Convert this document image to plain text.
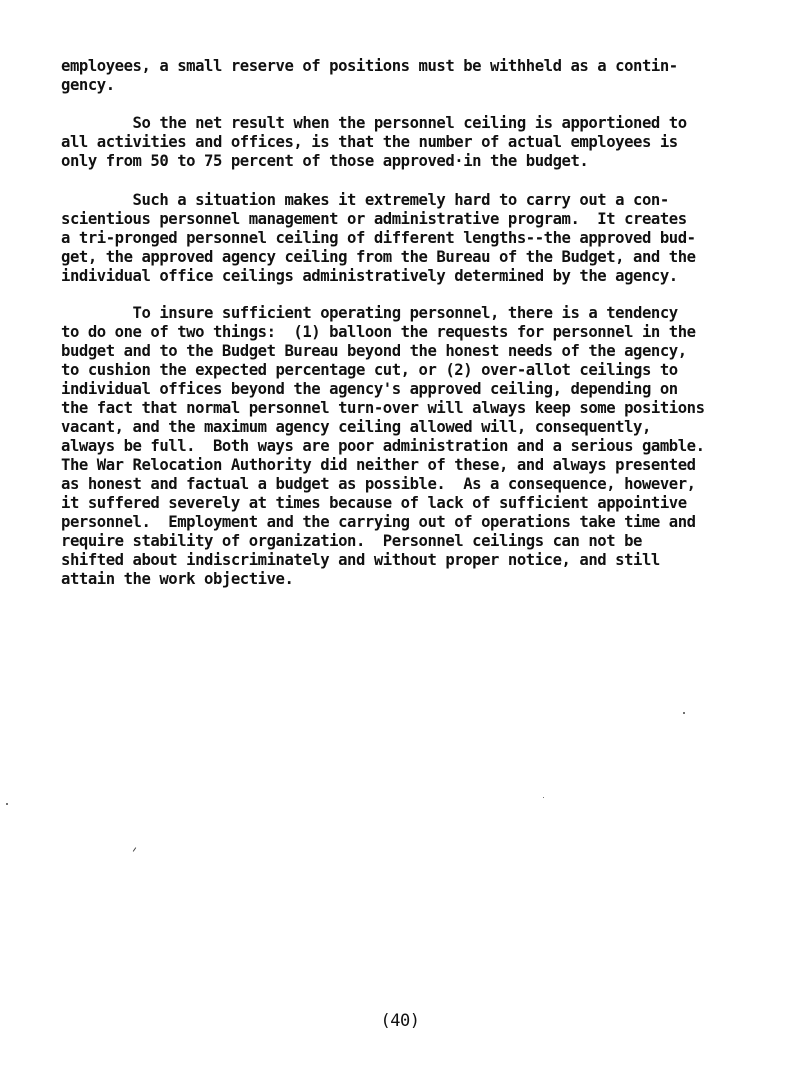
employees, a small reserve of positions must be withheld as a contin-
gency.
So the net result when the personnel ceiling is apportioned to
all activities and offices, is that the number of actual employees is
only from 50 to 75 percent of those approved·in the budget.
Such a situation makes it extremely hard to carry out a con-
scientious personnel management or administrative program.  It creates
a tri-pronged personnel ceiling of different lengths--the approved bud-
get, the approved agency ceiling from the Bureau of the Budget, and the
individual office ceilings administratively determined by the agency.
To insure sufficient operating personnel, there is a tendency
to do one of two things:  (1) balloon the requests for personnel in the
budget and to the Budget Bureau beyond the honest needs of the agency,
to cushion the expected percentage cut, or (2) over-allot ceilings to
individual offices beyond the agency's approved ceiling, depending on
the fact that normal personnel turn-over will always keep some positions
vacant, and the maximum agency ceiling allowed will, consequently,
always be full.  Both ways are poor administration and a serious gamble.
The War Relocation Authority did neither of these, and always presented
as honest and factual a budget as possible.  As a consequence, however,
it suffered severely at times because of lack of sufficient appointive
personnel.  Employment and the carrying out of operations take time and
require stability of organization.  Personnel ceilings can not be
shifted about indiscriminately and without proper notice, and still
attain the work objective.
(40)
